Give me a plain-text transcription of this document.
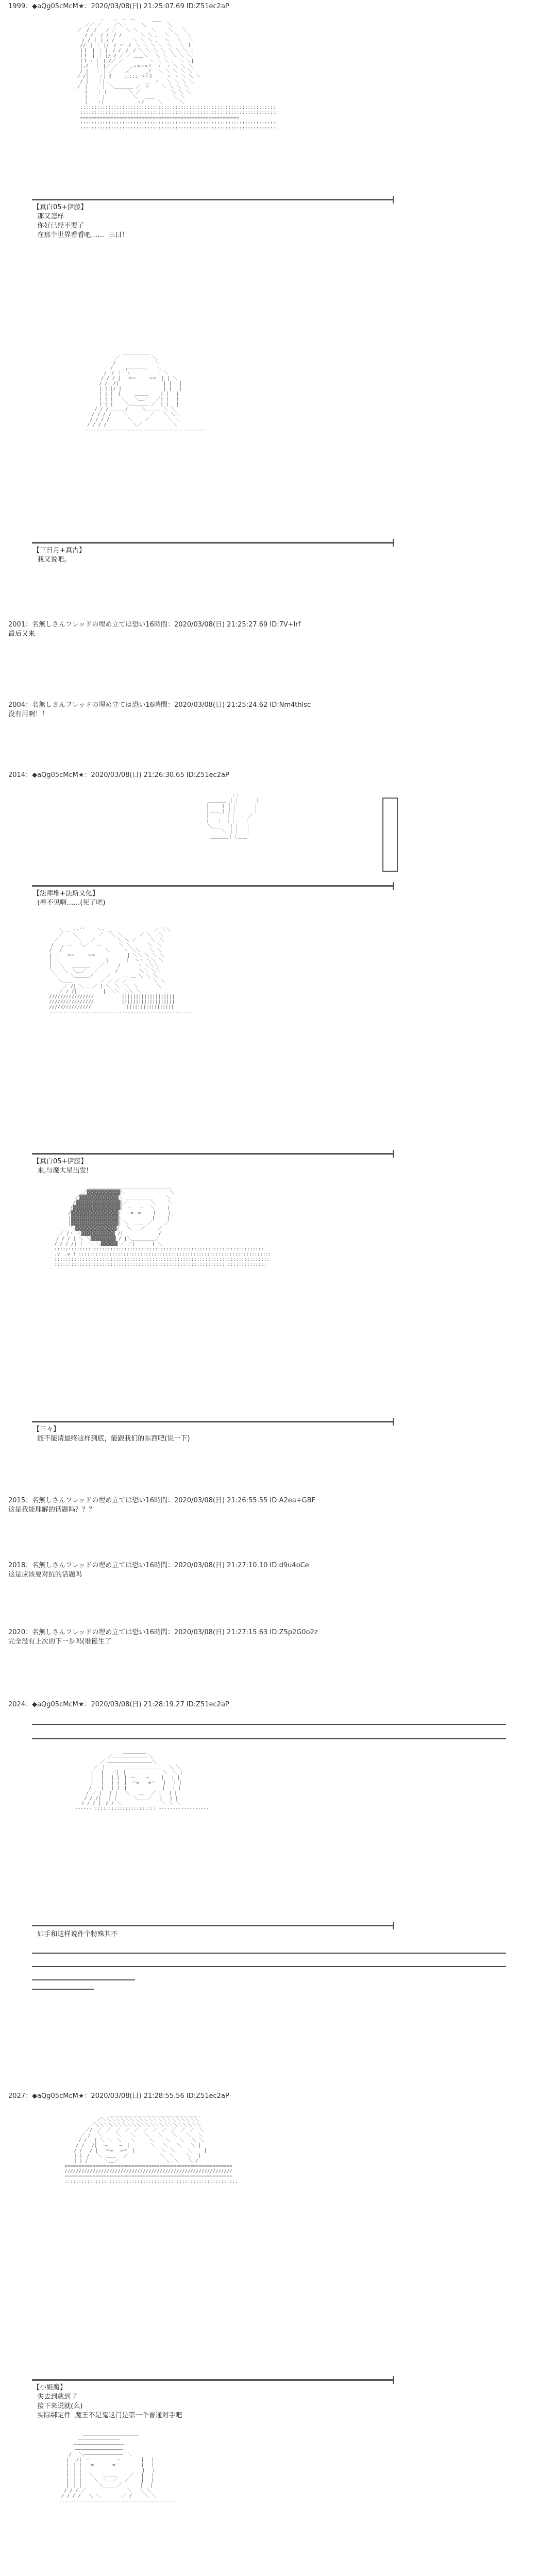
1999：◆aQg05cMcM★：2020/03/08(日) 21:25:07.69 ID:Z51ec2aP
-‐　 ‐-　―　ー　　　 ＿＿
　 ／／ ／　　 ／＼＼　　　＼　　　　 ＼
／　/　/　　/ ／　　＼ ＼　　　＼　　 ＼　　＼
　 / /　 / /　/ /　　　　＼ ＼ 、　 ＼　＼　 ＼
　/ / ｜ | / /　　　　＼ ＼ ＼ 、　 ＼　 ＼　 ＼
//　| ｜ |/　/ 〃　/　＼ ＼ ＼ ＼　＼　 ＼ ｌ
|ｌ　| ｜ |　/ /　/　/ ＼ ＼ ＼ ＼ ＼ ＼ ＼ |
|ｌ　| ｜ |/ / ／ ／ ＿＿＼　 ＼ ＼　＼ ＼ ＼|
|ｌ ﾉ ｜ | /／ ／　　　 ｀　ヽ ＼ ＼ 、 ＼ ＼|
|,ｲ　 ｜ |／ ／　　 ,ィ=＝=ミ　ヽ　ヽ ＼ ＼ ＼
/ |　 ｜ | ／ 　 ,ｨ゛　　 _ｿ　 ＼ ＼ ＼ ＼ ＼
/ /| 　 ｜| {　　 ::::: ヾ=彡　　　ヽ ヽ ＼ ＼ ＼
/ |　　｜| 、　　　　　　　 ＿　ノ　 ＼ ＼ ＼ ＼
/　|　 ｜ |　＼＿＿＿＿ ／　＞　　 ＼ ＼ ＼ ＼
　 |　　｜ |　　　　 ＼ ／　　　　　　 ＼ ＼ ＼
　 |　 ｜ |　　　　　　＼　 ＿＿　　　　＼ ＼
　 |　　ヽ|　　　　　　　ヽ/　　　＼　　　 ＼
::::::::::::::::::::::::::::::::::::::::::::::::::::::::::::::::::::::
:::::::::::::::::::::::::::::::::::::::::::::::::::::::::::::::::::::::
=========================================================
:::::::::::::::::::::::::::::::::::::::::::::::::::::::::::::::::::::::
:::::::::::::::::::::::::::::::::::::::::::::::::::::::::::::::::::::::
【真白05+伊藤】
那又怎样
你好已经不要了
在那个世界看看吧……  三日！
　　　　　　　　 ＿＿＿＿＿＿
　　　　　　　／　　　　　　　＼
　　　　　　 /　　 ―　　―　　 ＼
　　　　　　/　　 ,――――――,　　＼
　　　　 /　/ ｜　ヽ　　　　　 ｜ ＼
　　　　/ / / |　 ＝=　　　=＝　| | ＼
　　　 / /| /|　　　　　　　　　 | |　 |
　　　 | | |/ |　　　　　　　　　| |　 |
　　　 | | |　|　　　＿＿＿　　 | |　 |
　　　 | | |　 ＼　　＼＿／　 ／| |　 |
　　　 | | |　　 ＼＿＿＿＿ ／　| |　 |
　　 / / / ＿＿＿/　　　＼＿＿＿ ＼ ＼
　　/ / / /　　 ＼　　　　 ／　　＼ ＼＼
　 / / / /　　　　＼　　 ／　　　　＼ ＼
　/ / / /　　　　　 ＼／　　　　　　 ＼
-------------------------------------------
【三日月+真古】
我又说吧。
2001：名無しさんフレッドの埋め立ては恐い16時間：2020/03/08(日) 21:25:27.69 ID:7V+lrf
最后又来
2004：名無しさんフレッドの埋め立ては恐い16時間：2020/03/08(日) 21:25:24.62 ID:Nm4thlsc
没有用啊！！
2014：◆aQg05cMcM★：2020/03/08(日) 21:26:30.65 ID:Z51ec2aP
　　　　　　　 ｜｜
　　 ＿＿＿＿ ｜｜　　　 ｜
　　｜　　 | ｜｜　　　 ｜
　　｜＿＿_| ｜｜　　　 ｜
　　｜　　　 ｜｜　　 ／
　　｜　 ｜　｜｜　　｜
　　 ＼＿＿　 ｜｜　 ｜
　　　　　 ＼ ｜｜　 ｜
　　　＿＿＿＿｜｜＿＿
【法师堆+法斯文化】
(看不见啊……(死了吧)
　　 ＼ ＿ -‐''￣￣''‐- ＿　　　　　　　　　／ ＼＼
　　 ／　　＼　　　　 ／　 ＼ ＼　　　 ／ ＼　 ＼
　 ／　　　　＼　　／　　　　 ＼ ＼ ／　　　＼　＼
　/　 , -―　 ＼／　 ―-　　　 ＼ ＼　　　 ＼　＼
/　 /　　　 　 　　　　＼　　　ヽ ＼＼　　＼ ＼
|　|　 ＝=　　　=＝　　 |　　　 | ＼＼ ＼ ＼ ＼
|　|　　　　　　　　　　|　　　 ｜　ヽヽ ＼＼ ＼
|　 ＼　 ＿＿＿＿　　／　　　/　　　 ヽ ＼＼＼
＼　　＼　＼＿／　 ／　　　 /　　　　 ＼＼ ＼＼
　 ＼　　 ＼＿＿＿／　　 ／　　 ―― ＿ ＼ ＼ ＼
　　 ＼＿＿　　　　　　／ ／ ／ ／　　　　　 ＼ ＼
　　　 ／ /| ＼＿＿／ | ＼　＼　＼　＼　　　　＼
　　 ／ / /|　　　　　 |　＼＼　＼＼ ＼
////////////////　　　　　　|||||||||||||||||||
////////////////　　　　　　|||||||||||||||||||
///////////////　　　　　　　||||||||||||||||||
---------------------------------------------------
【真白05+伊藤】
来,与魔大星出发!
　　　　　　　　＿＿＿＿＿＿＿＿＿＿＿＿＿＿＿＿＿＿
　　　　　　 ／▓▓▓▓▓▓▓▓▓▓▓▓＼　　　　　　　　　 ＼
　　　　　／▓▓▓▓▓▓▓▓▓▓▓▓▓▓＼ ＿＿＿＿＿＿　　 ＼
　　　　 /▓▓▓▓▓▓▓▓▓▓▓▓▓▓▓▓|／　　　　　＼　　 ＼
　　　　/▓▓▓▓▓▓▓▓▓▓▓▓▓▓▓▓▓|　―　　―　 ＼　　 |
　　　 /▓▓▓▓▓▓▓▓▓▓▓▓▓▓▓▓▓|　＝=　=＝　 |　　 |
　　　 |▓▓▓▓▓▓▓▓▓▓▓▓▓▓▓▓▓|　　　　　　 |　　 |
　　　 |▓▓▓▓▓▓▓▓▓▓▓▓▓▓▓▓▓| ＼　＿＿　／　　 ／
　　　　＼▓▓▓▓▓▓▓▓▓▓▓▓▓▓▓|　 ＼＿＿／　　 ／
　 ／ /ヽ ＼▓▓▓▓▓▓▓▓▓▓▓▓ /|　　　　　　　 /
　/ / / | ＼ ＼▓▓▓▓▓▓▓▓▓ / |＼＿＿＿＿＿／
/ / / /| ｜　＼ ＼▓▓▓▓▓▓ ／ ／|　　　 | ＼
:::::::::::::::::::::::::::::::::::::::::::::::::::::::::::::::::::::::::::
.v　.v ! :::::::::::::::::::::::::::::::::::::::::::::::::::::::::::::::::::::
:::::::::::::::::::::::::::::::::::::::::::::::::::::::::::::::::::::::::::::
::::::::::::::::::::::::::::::::::::::::::::::::::::::::::::::::::::::::::::
【三々】
能不能请最终这样到底，能跟我们的东西吧(说一下)
2015：名無しさんフレッドの埋め立ては恐い16時間：2020/03/08(日) 21:26:55.55 ID:A2ea+GBF
这是我能理解的话题吗？？？
2018：名無しさんフレッドの埋め立ては恐い16時間：2020/03/08(日) 21:27:10.10 ID:d9u4oCe
这是应该要对抗的话题吗
2020：名無しさんフレッドの埋め立ては恐い16時間：2020/03/08(日) 21:27:15.63 ID:Z5p2G0o2z
完全没有上次的下一步吗(谁诞生了
2024：◆aQg05cMcM★：2020/03/08(日) 21:28:19.27 ID:Z51ec2aP
　　　　　　　　　　　＿＿＿＿＿
　　　　　　　 ／―――――――――――――＼
　　　　　　／ ――――――――――――――――＼
　　　　 ／ ｜　　　　＿＿＿＿＿＿＿＿　 ＼ ＼
　　　　|　 |　 ／|　|　　　　　　　　＼　＼ |
　　　　|　 |　 | |　|　―　　 ―　　 |　 | |
　　　　|　 |　 | |　|　＝=　　=＝　 |　 | |
　　　 /　　|　 | |　|　　　　　　　 |　 | |
　　　/ ／ |　 | |　 ＼　　＿　 ／ |　 | |
　　 / / /|　 | |　　　 ＼＿＿／　 |　 | |
　　/ / / |　/ / ＼　　　　　　　　 ＼ ＼ ＼
------ :::::::::::::::::::::: ------------------
如手和这样说件个特殊其不
2027：◆aQg05cMcM★：2020/03/08(日) 21:28:55.56 ID:Z51ec2aP
　　　　　　　　　　＿＿＿＿＿＿＿＿＿＿＿＿＿＿＿＿＿＿＿＿
　　　　　　　 ／＼＼＼＼＼＼＼＼＼＼＼＼＼＼＼＼＼＼＼＼＼
　　　　　　／＼＼＼＼＼＼＼＼＼＼＼＼＼＼＼＼＼＼＼＼＼＼＼
　　　　　／/　／　／　／　／　／　／　／　／　／　／　／　＼
　　　　／ /　 ＼　　　＼　　＼　　＼　　＼　　＼　　＼　 ＼
　　　 / /　 | ＼ ＼　＼　　＼　　　＼　　 ＼　　＼　 ＼ ＼
　　　/ /　 /|　 ―　　 ―　|　　　　 ＼　 ＼　　＼　　＼ |
　　 / /　 / |　 ＝=　 =＝　|　　　　　 ＼　＼　　 ＼　　 |
　　 | |　/　 ＼　＿＿　 ／　　　　　　　＼　＼　　 ＼　 |
　　 | | /　　　 ＼＿／　　　　　　　　　　＼　＼　　＼ /
============================================================
////////////////////////////////////////////////////////////
============================================================
::::::::::::::::::::::::::::::::::::::::::::::::::::::::::::::
【小姐魔】
失去到就到了
接下来说就(么)
实际绑定件  魔王不是鬼这门是第一个普通对手吧
　　　　　 ＿＿＿＿＿＿＿＿＿＿＿＿
　　　　 ―――――――――――――――
　　　 ――――――――――――――――――
　　　　―――――――――――――――――
　　 /　 ＼――――――――――――――　＼
　　|　 /|　―　　　　　　―　　　　 |　 |
　　|　| |　＝=　　　　=＝　　　　 |　 |
　　|　| |　　　　　　　　　　　　　|　 |
　　|　| |　 ＼　　＿＿＿　　 ／　 |　 |
　　|　| |　　 ＼　＼＿／　 ／　　 |　 |
　　|　| |　　　 ＼＿＿＿／　　　　|　 |
　 / / / ／　　　　　　　　　＼　 ＼ ＼
　/ / / /　 ＼ ＼　　　　 ／ /　　 ＼ ＼
------------------------------------------
